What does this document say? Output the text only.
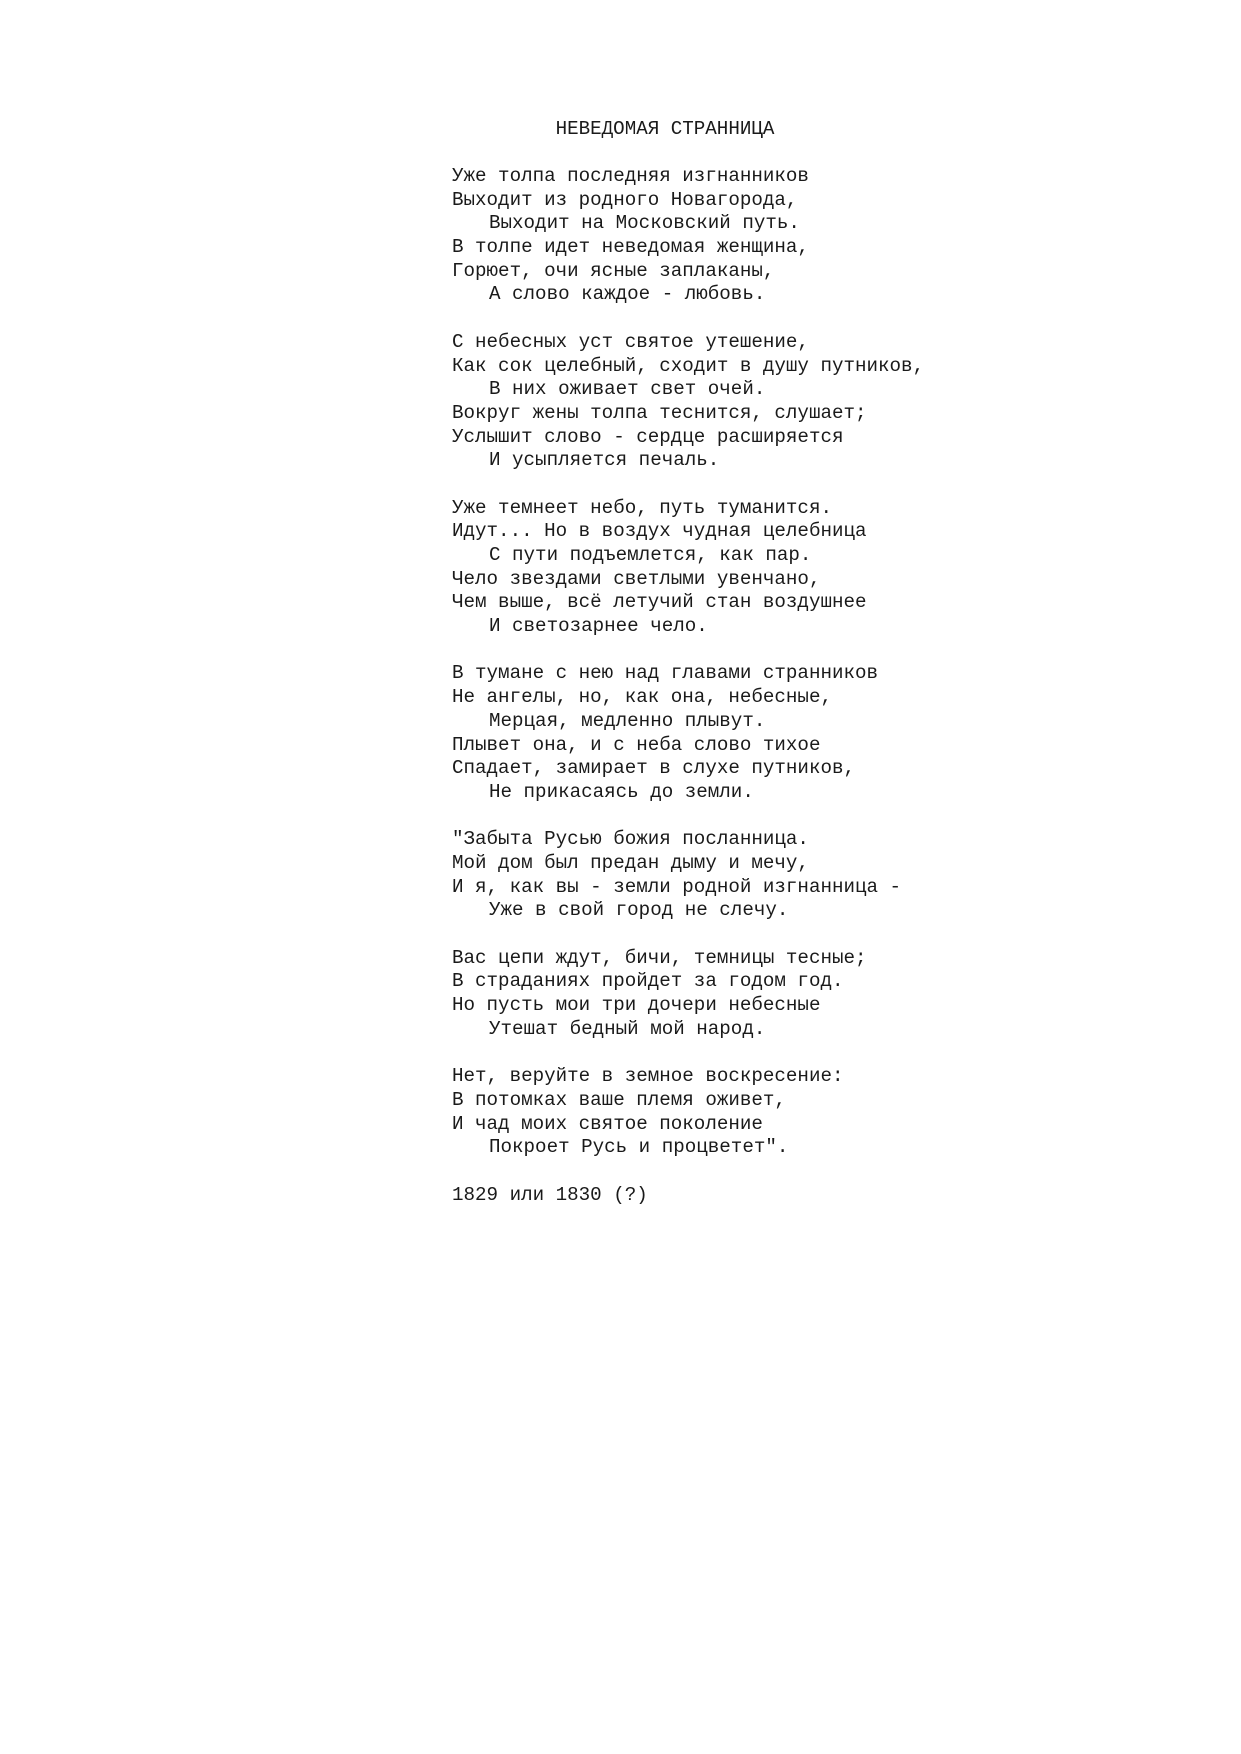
НЕВЕДОМАЯ СТРАННИЦА
Уже толпа последняя изгнанников
Выходит из родного Новагорода,
Выходит на Московский путь.
В толпе идет неведомая женщина,
Горюет, очи ясные заплаканы,
А слово каждое - любовь.
С небесных уст святое утешение,
Как сок целебный, сходит в душу путников,
В них оживает свет очей.
Вокруг жены толпа теснится, слушает;
Услышит слово - сердце расширяется
И усыпляется печаль.
Уже темнеет небо, путь туманится.
Идут... Но в воздух чудная целебница
С пути подъемлется, как пар.
Чело звездами светлыми увенчано,
Чем выше, всё летучий стан воздушнее
И светозарнее чело.
В тумане с нею над главами странников
Не ангелы, но, как она, небесные,
Мерцая, медленно плывут.
Плывет она, и с неба слово тихое
Спадает, замирает в слухе путников,
Не прикасаясь до земли.
"Забыта Русью божия посланница.
Мой дом был предан дыму и мечу,
И я, как вы - земли родной изгнанница -
Уже в свой город не слечу.
Вас цепи ждут, бичи, темницы тесные;
В страданиях пройдет за годом год.
Но пусть мои три дочери небесные
Утешат бедный мой народ.
Нет, веруйте в земное воскресение:
В потомках ваше племя оживет,
И чад моих святое поколение
Покроет Русь и процветет".
1829 или 1830 (?)
